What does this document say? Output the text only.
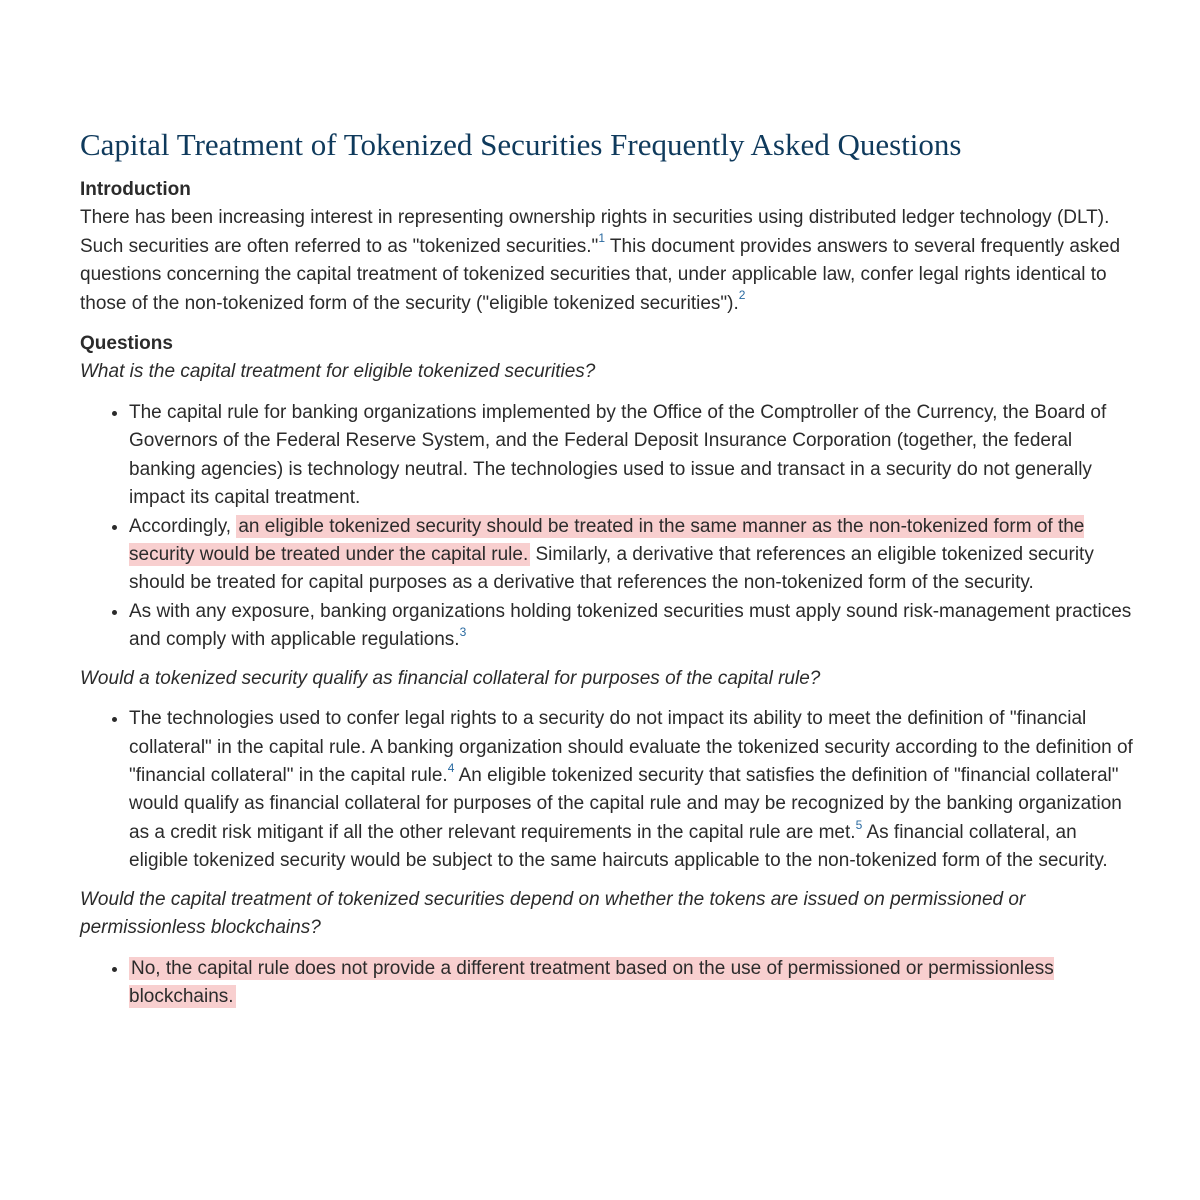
Capital Treatment of Tokenized Securities Frequently Asked Questions
Introduction

There has been increasing interest in representing ownership rights in securities using distributed ledger technology (DLT). Such securities are often referred to as "tokenized securities."$^1$ This document provides answers to several frequently asked questions concerning the capital treatment of tokenized securities that, under applicable law, confer legal rights identical to those of the non-tokenized form of the security ("eligible tokenized securities").$^2$

Questions

What is the capital treatment for eligible tokenized securities?

• The capital rule for banking organizations implemented by the Office of the Comptroller of the Currency, the Board of Governors of the Federal Reserve System, and the Federal Deposit Insurance Corporation (together, the federal banking agencies) is technology neutral. The technologies used to issue and transact in a security do not generally impact its capital treatment.
• Accordingly, an eligible tokenized security should be treated in the same manner as the non-tokenized form of the security would be treated under the capital rule. Similarly, a derivative that references an eligible tokenized security should be treated for capital purposes as a derivative that references the non-tokenized form of the security.
• As with any exposure, banking organizations holding tokenized securities must apply sound risk-management practices and comply with applicable regulations.$^3$

Would a tokenized security qualify as financial collateral for purposes of the capital rule?

• The technologies used to confer legal rights to a security do not impact its ability to meet the definition of "financial collateral" in the capital rule. A banking organization should evaluate the tokenized security according to the definition of "financial collateral" in the capital rule.$^4$ An eligible tokenized security that satisfies the definition of "financial collateral" would qualify as financial collateral for purposes of the capital rule and may be recognized by the banking organization as a credit risk mitigant if all the other relevant requirements in the capital rule are met.$^5$ As financial collateral, an eligible tokenized security would be subject to the same haircuts applicable to the non-tokenized form of the security.

Would the capital treatment of tokenized securities depend on whether the tokens are issued on permissioned or permissionless blockchains?

• No, the capital rule does not provide a different treatment based on the use of permissioned or permissionless blockchains.
